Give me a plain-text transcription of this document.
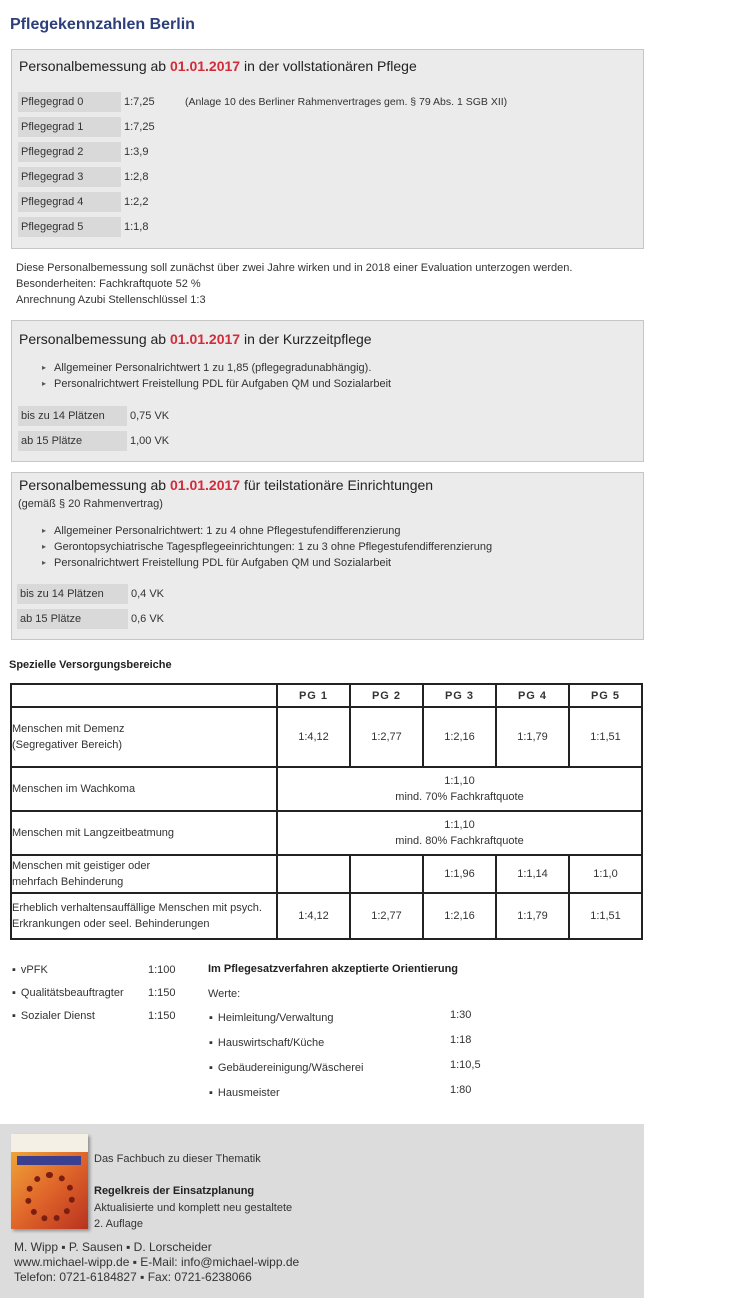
Pflegekennzahlen Berlin
Personalbemessung ab 01.01.2017 in der vollstationären Pflege
Pflegegrad 0	1:7,25	(Anlage 10 des Berliner Rahmenvertrages gem. § 79 Abs. 1 SGB XII)
Pflegegrad 1	1:7,25
Pflegegrad 2	1:3,9
Pflegegrad 3	1:2,8
Pflegegrad 4	1:2,2
Pflegegrad 5	1:1,8

Diese Personalbemessung soll zunächst über zwei Jahre wirken und in 2018 einer Evaluation unterzogen werden.

Besonderheiten: Fachkraftquote 52 %

Anrechnung Azubi Stellenschlüssel 1:3

Personalbemessung ab 01.01.2017 in der Kurzzeitpflege
▸ Allgemeiner Personalrichtwert 1 zu 1,85 (pflegegradunabhängig).
▸ Personalrichtwert Freistellung PDL für Aufgaben QM und Sozialarbeit
bis zu 14 Plätzen	0,75 VK
ab 15 Plätze	1,00 VK
Personalbemessung ab 01.01.2017 für teilstationäre Einrichtungen
(gemäß § 20 Rahmenvertrag)
▸ Allgemeiner Personalrichtwert: 1 zu 4 ohne Pflegestufendifferenzierung
▸ Gerontopsychiatrische Tagespflegeeinrichtungen: 1 zu 3 ohne Pflegestufendifferenzierung
▸ Personalrichtwert Freistellung PDL für Aufgaben QM und Sozialarbeit
bis zu 14 Plätzen	0,4 VK
ab 15 Plätze	0,6 VK
Spezielle Versorgungsbereiche
	PG 1	PG 2	PG 3	PG 4	PG 5
Menschen mit Demenz
(Segregativer Bereich)	1:4,12	1:2,77	1:2,16	1:1,79	1:1,51
Menschen im Wachkoma	1:1,10
mind. 70% Fachkraftquote				
Menschen mit Langzeitbeatmung	1:1,10
mind. 80% Fachkraftquote				
Menschen mit geistiger oder
mehrfach Behinderung			1:1,96	1:1,14	1:1,0
Erheblich verhaltensauffällige Menschen mit psych.
Erkrankungen oder seel. Behinderungen	1:4,12	1:2,77	1:2,16	1:1,79	1:1,51
▪ vPFK	1:100
▪ Qualitätsbeauftragter 1:150
▪ Sozialer Dienst	1:150
Im Pflegesatzverfahren akzeptierte Orientierung
Werte:
▪ Heimleitung/Verwaltung	1:30
▪ Hauswirtschaft/Küche	1:18
▪ Gebäudereinigung/Wäscherei	1:10,5
▪ Hausmeister	1:80
Das Fachbuch zu dieser Thematik
Regelkreis der Einsatzplanung
Aktualisierte und komplett neu gestaltete 2. Auflage

M. Wipp ▪ P. Sausen ▪ D. Lorscheider

www.michael-wipp.de ▪ E-Mail: info@michael-wipp.de

Telefon: 0721-6184827 ▪ Fax: 0721-6238066
